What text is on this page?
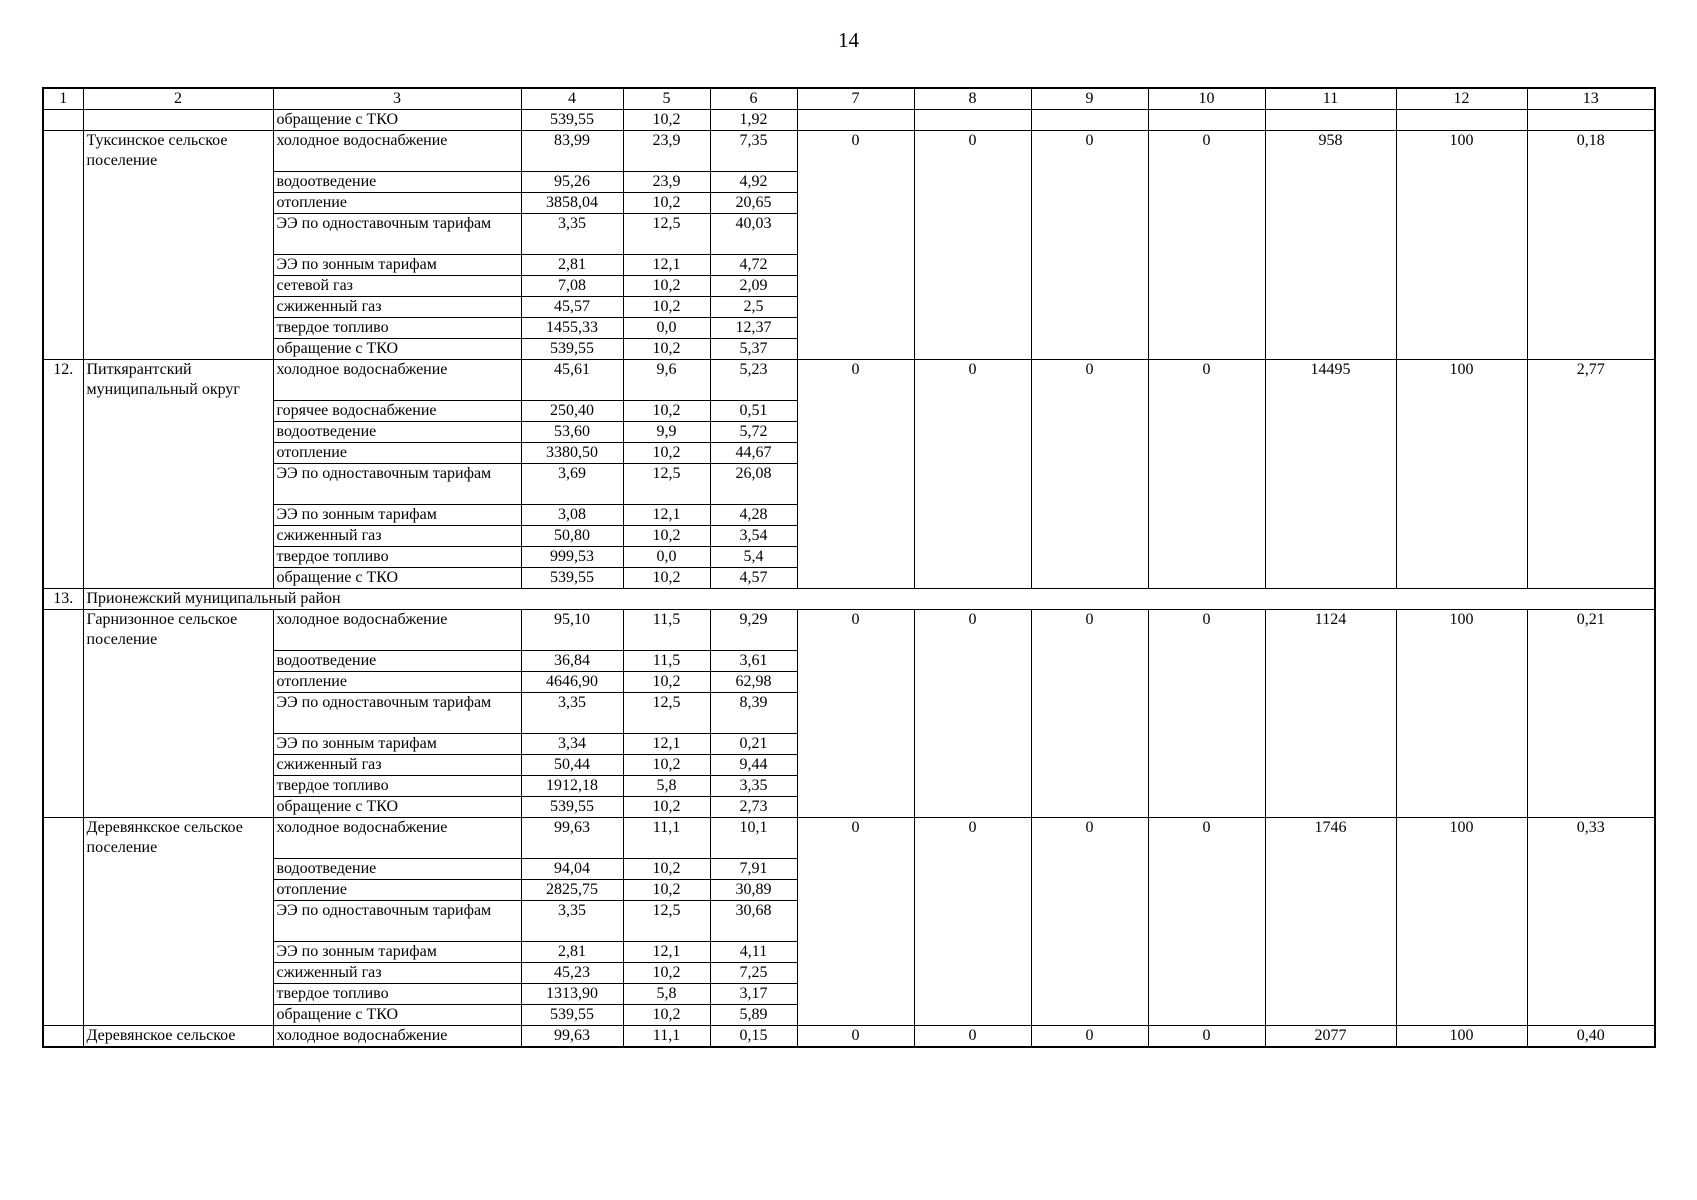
14
1	2	3	4	5	6	7	8	9	10	11	12	13
		обращение с ТКО	539,55	10,2	1,92							
	Туксинское сельское поселение	холодное водоснабжение	83,99	23,9	7,35	0	0	0	0	958	100	0,18
		водоотведение	95,26	23,9	4,92							
		отопление	3858,04	10,2	20,65							
		ЭЭ по одноставочным тарифам	3,35	12,5	40,03							
		ЭЭ по зонным тарифам	2,81	12,1	4,72							
		сетевой газ	7,08	10,2	2,09							
		сжиженный газ	45,57	10,2	2,5							
		твердое топливо	1455,33	0,0	12,37							
		обращение с ТКО	539,55	10,2	5,37							
12.	Питкярантский муниципальный округ	холодное водоснабжение	45,61	9,6	5,23	0	0	0	0	14495	100	2,77
		горячее водоснабжение	250,40	10,2	0,51							
		водоотведение	53,60	9,9	5,72							
		отопление	3380,50	10,2	44,67							
		ЭЭ по одноставочным тарифам	3,69	12,5	26,08							
		ЭЭ по зонным тарифам	3,08	12,1	4,28							
		сжиженный газ	50,80	10,2	3,54							
		твердое топливо	999,53	0,0	5,4							
		обращение с ТКО	539,55	10,2	4,57							
13.	Прионежский муниципальный район											
	Гарнизонное сельское поселение	холодное водоснабжение	95,10	11,5	9,29	0	0	0	0	1124	100	0,21
		водоотведение	36,84	11,5	3,61							
		отопление	4646,90	10,2	62,98							
		ЭЭ по одноставочным тарифам	3,35	12,5	8,39							
		ЭЭ по зонным тарифам	3,34	12,1	0,21							
		сжиженный газ	50,44	10,2	9,44							
		твердое топливо	1912,18	5,8	3,35							
		обращение с ТКО	539,55	10,2	2,73							
	Деревянкское сельское поселение	холодное водоснабжение	99,63	11,1	10,1	0	0	0	0	1746	100	0,33
		водоотведение	94,04	10,2	7,91							
		отопление	2825,75	10,2	30,89							
		ЭЭ по одноставочным тарифам	3,35	12,5	30,68							
		ЭЭ по зонным тарифам	2,81	12,1	4,11							
		сжиженный газ	45,23	10,2	7,25							
		твердое топливо	1313,90	5,8	3,17							
		обращение с ТКО	539,55	10,2	5,89							
	Деревянское сельское	холодное водоснабжение	99,63	11,1	0,15	0	0	0	0	2077	100	0,40
